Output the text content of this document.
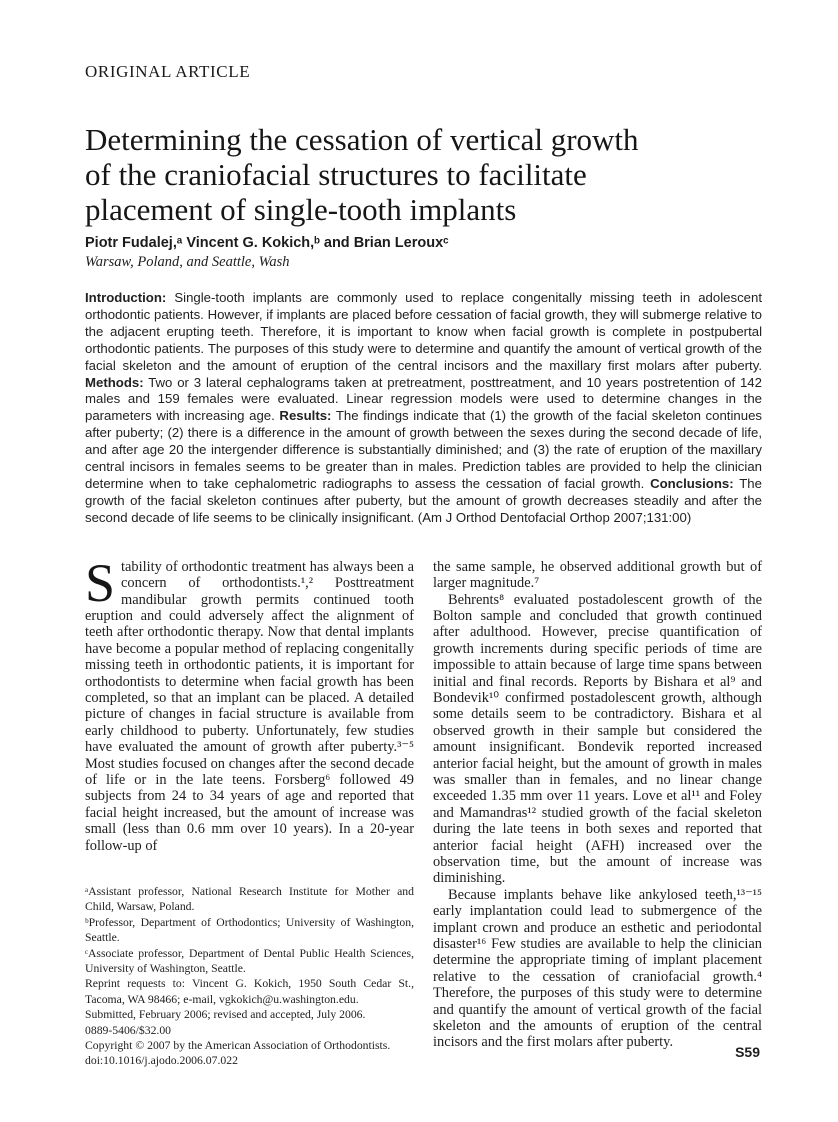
ORIGINAL ARTICLE
Determining the cessation of vertical growth
of the craniofacial structures to facilitate
placement of single-tooth implants
Piotr Fudalej,ᵃ Vincent G. Kokich,ᵇ and Brian Lerouxᶜ
Warsaw, Poland, and Seattle, Wash

Introduction: Single-tooth implants are commonly used to replace congenitally missing teeth in adolescent orthodontic patients. However, if implants are placed before cessation of facial growth, they will submerge relative to the adjacent erupting teeth. Therefore, it is important to know when facial growth is complete in postpubertal orthodontic patients. The purposes of this study were to determine and quantify the amount of vertical growth of the facial skeleton and the amount of eruption of the central incisors and the maxillary first molars after puberty. Methods: Two or 3 lateral cephalograms taken at pretreatment, posttreatment, and 10 years postretention of 142 males and 159 females were evaluated. Linear regression models were used to determine changes in the parameters with increasing age. Results: The findings indicate that (1) the growth of the facial skeleton continues after puberty; (2) there is a difference in the amount of growth between the sexes during the second decade of life, and after age 20 the intergender difference is substantially diminished; and (3) the rate of eruption of the maxillary central incisors in females seems to be greater than in males. Prediction tables are provided to help the clinician determine when to take cephalometric radiographs to assess the cessation of facial growth. Conclusions: The growth of the facial skeleton continues after puberty, but the amount of growth decreases steadily and after the second decade of life seems to be clinically insignificant. (Am J Orthod Dentofacial Orthop 2007;131:00)

Stability of orthodontic treatment has always been a concern of orthodontists.¹,² Posttreatment mandibular growth permits continued tooth eruption and could adversely affect the alignment of teeth after orthodontic therapy. Now that dental implants have become a popular method of replacing congenitally missing teeth in orthodontic patients, it is important for orthodontists to determine when facial growth has been completed, so that an implant can be placed. A detailed picture of changes in facial structure is available from early childhood to puberty. Unfortunately, few studies have evaluated the amount of growth after puberty.³⁻⁵ Most studies focused on changes after the second decade of life or in the late teens. Forsberg⁶ followed 49 subjects from 24 to 34 years of age and reported that facial height increased, but the amount of increase was small (less than 0.6 mm over 10 years). In a 20-year follow-up of

ᵃAssistant professor, National Research Institute for Mother and Child, Warsaw, Poland.

ᵇProfessor, Department of Orthodontics; University of Washington, Seattle.

ᶜAssociate professor, Department of Dental Public Health Sciences, University of Washington, Seattle.

Reprint requests to: Vincent G. Kokich, 1950 South Cedar St., Tacoma, WA 98466; e-mail, vgkokich@u.washington.edu.

Submitted, February 2006; revised and accepted, July 2006.

0889-5406/$32.00

Copyright © 2007 by the American Association of Orthodontists.

doi:10.1016/j.ajodo.2006.07.022

the same sample, he observed additional growth but of larger magnitude.⁷

Behrents⁸ evaluated postadolescent growth of the Bolton sample and concluded that growth continued after adulthood. However, precise quantification of growth increments during specific periods of time are impossible to attain because of large time spans between initial and final records. Reports by Bishara et al⁹ and Bondevik¹⁰ confirmed postadolescent growth, although some details seem to be contradictory. Bishara et al observed growth in their sample but considered the amount insignificant. Bondevik reported increased anterior facial height, but the amount of growth in males was smaller than in females, and no linear change exceeded 1.35 mm over 11 years. Love et al¹¹ and Foley and Mamandras¹² studied growth of the facial skeleton during the late teens in both sexes and reported that anterior facial height (AFH) increased over the observation time, but the amount of increase was diminishing.

Because implants behave like ankylosed teeth,¹³⁻¹⁵ early implantation could lead to submergence of the implant crown and produce an esthetic and periodontal disaster¹⁶ Few studies are available to help the clinician determine the appropriate timing of implant placement relative to the cessation of craniofacial growth.⁴ Therefore, the purposes of this study were to determine and quantify the amount of vertical growth of the facial skeleton and the amounts of eruption of the central incisors and the first molars after puberty.

S59
